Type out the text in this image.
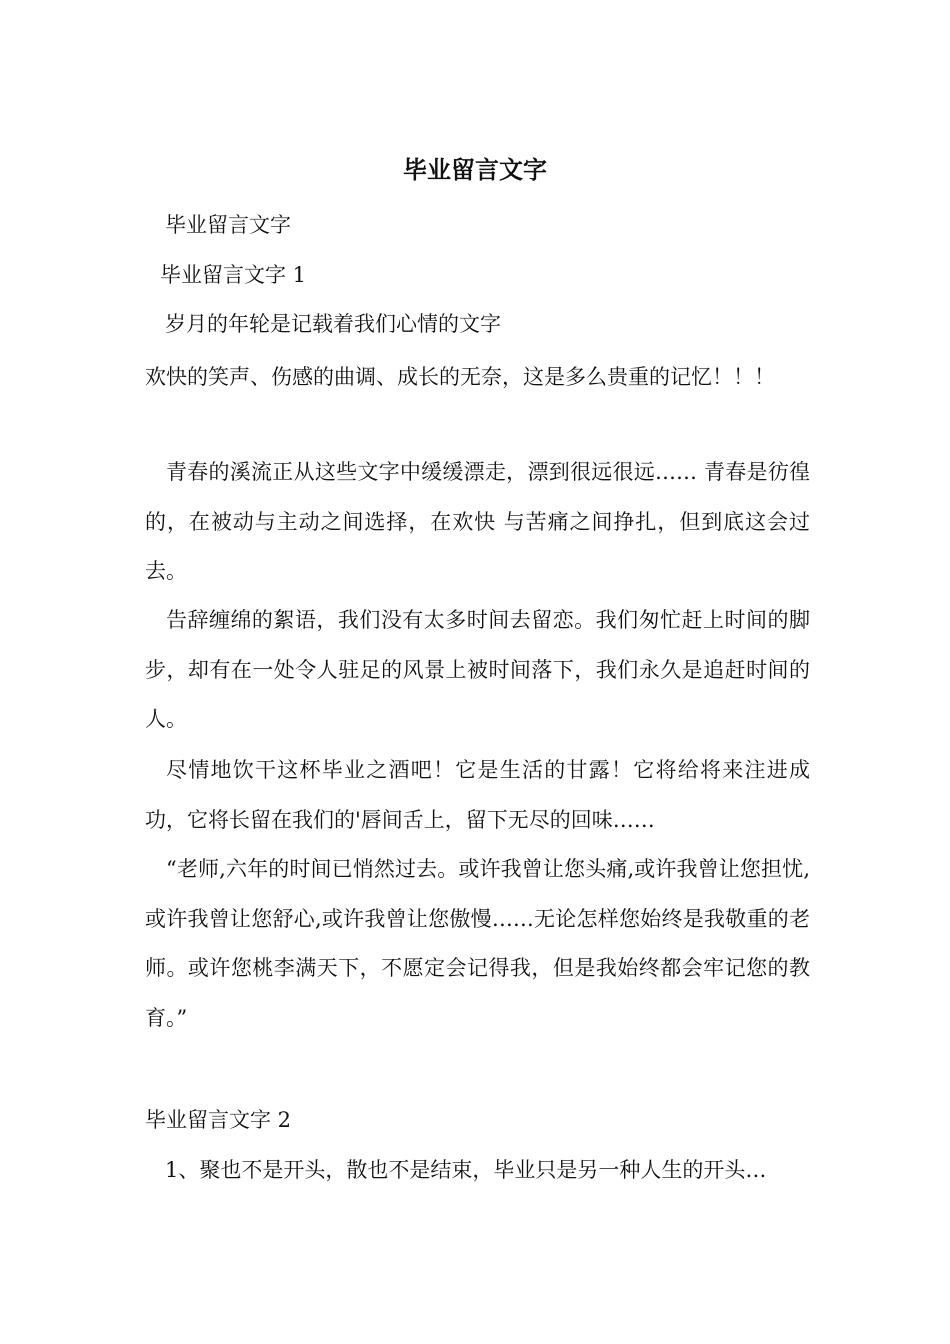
毕业留言文字
毕业留言文字
毕业留言文字 1
岁月的年轮是记载着我们心情的文字
欢快的笑声、伤感的曲调、成长的无奈，这是多么贵重的记忆！！！

青春的溪流正从这些文字中缓缓漂走，漂到很远很远…… 青春是彷徨的，在被动与主动之间选择，在欢快 与苦痛之间挣扎，但到底这会过去。

告辞缠绵的絮语，我们没有太多时间去留恋。我们匆忙赶上时间的脚步，却有在一处令人驻足的风景上被时间落下，我们永久是追赶时间的人。

尽情地饮干这杯毕业之酒吧！它是生活的甘露！它将给将来注进成功，它将长留在我们的'唇间舌上，留下无尽的回味……

“老师,六年的时间已悄然过去。或许我曾让您头痛,或许我曾让您担忧,或许我曾让您舒心,或许我曾让您傲慢……无论怎样您始终是我敬重的老师。或许您桃李满天下，不愿定会记得我，但是我始终都会牢记您的教育。”

毕业留言文字 2
1、聚也不是开头，散也不是结束，毕业只是另一种人生的开头…
